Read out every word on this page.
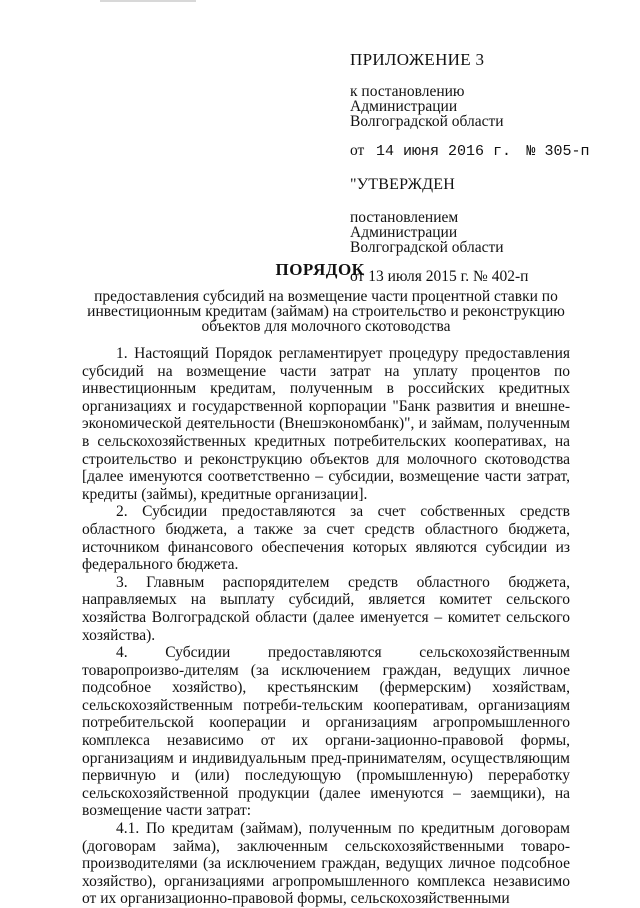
ПРИЛОЖЕНИЕ 3

к постановлению

Администрации

Волгоградской области

от 14 июня 2016 г. № 305-п

"УТВЕРЖДЕН

постановлением

Администрации

Волгоградской области

от 13 июля 2015 г. № 402-п

ПОРЯДОК

предоставления субсидий на возмещение части процентной ставки по инвестиционным кредитам (займам) на строительство и реконструкцию объектов для молочного скотоводства

1. Настоящий Порядок регламентирует процедуру предоставления субсидий на возмещение части затрат на уплату процентов по инвестиционным кредитам, полученным в российских кредитных организациях и государственной корпорации "Банк развития и внешне-экономической деятельности (Внешэкономбанк)", и займам, полученным в сельскохозяйственных кредитных потребительских кооперативах, на строительство и реконструкцию объектов для молочного скотоводства [далее именуются соответственно – субсидии, возмещение части затрат, кредиты (займы), кредитные организации].

2. Субсидии предоставляются за счет собственных средств областного бюджета, а также за счет средств областного бюджета, источником финансового обеспечения которых являются субсидии из федерального бюджета.

3. Главным распорядителем средств областного бюджета, направляемых на выплату субсидий, является комитет сельского хозяйства Волгоградской области (далее именуется – комитет сельского хозяйства).

4. Субсидии предоставляются сельскохозяйственным товаропроизво-дителям (за исключением граждан, ведущих личное подсобное хозяйство), крестьянским (фермерским) хозяйствам, сельскохозяйственным потреби-тельским кооперативам, организациям потребительской кооперации и организациям агропромышленного комплекса независимо от их органи-зационно-правовой формы, организациям и индивидуальным пред-принимателям, осуществляющим первичную и (или) последующую (промышленную) переработку сельскохозяйственной продукции (далее именуются – заемщики), на возмещение части затрат:

4.1. По кредитам (займам), полученным по кредитным договорам (договорам займа), заключенным сельскохозяйственными товаро-производителями (за исключением граждан, ведущих личное подсобное хозяйство), организациями агропромышленного комплекса независимо от их организационно-правовой формы, сельскохозяйственными
